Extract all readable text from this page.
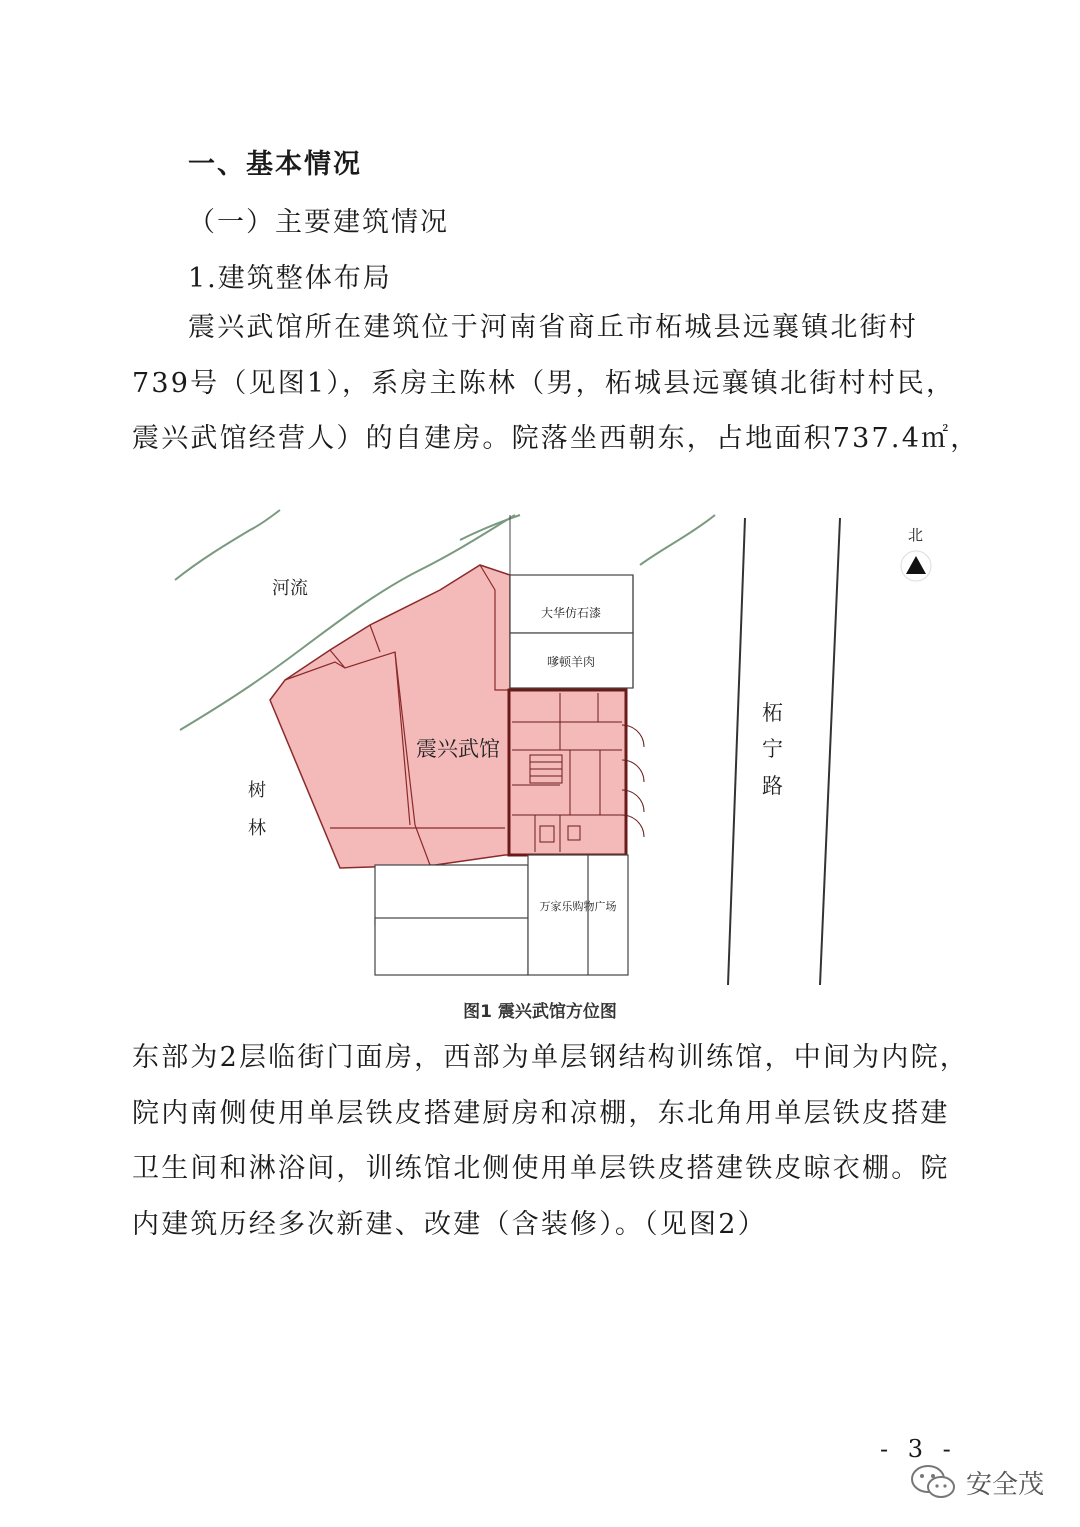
一、基本情况
（一）主要建筑情况
1.建筑整体布局
震兴武馆所在建筑位于河南省商丘市柘城县远襄镇北街村
739号（见图1），系房主陈林（男，柘城县远襄镇北街村村民，
震兴武馆经营人）的自建房。院落坐西朝东，占地面积737.4㎡，
河流
北
大华仿石漆
嗲顿羊肉
震兴武馆
柘
宁
路
树
林
万家乐购物广场
图1 震兴武馆方位图
东部为2层临街门面房，西部为单层钢结构训练馆，中间为内院，
院内南侧使用单层铁皮搭建厨房和凉棚，东北角用单层铁皮搭建
卫生间和淋浴间，训练馆北侧使用单层铁皮搭建铁皮晾衣棚。院
内建筑历经多次新建、改建（含装修）。（见图2）
- 3 -
安全茂
